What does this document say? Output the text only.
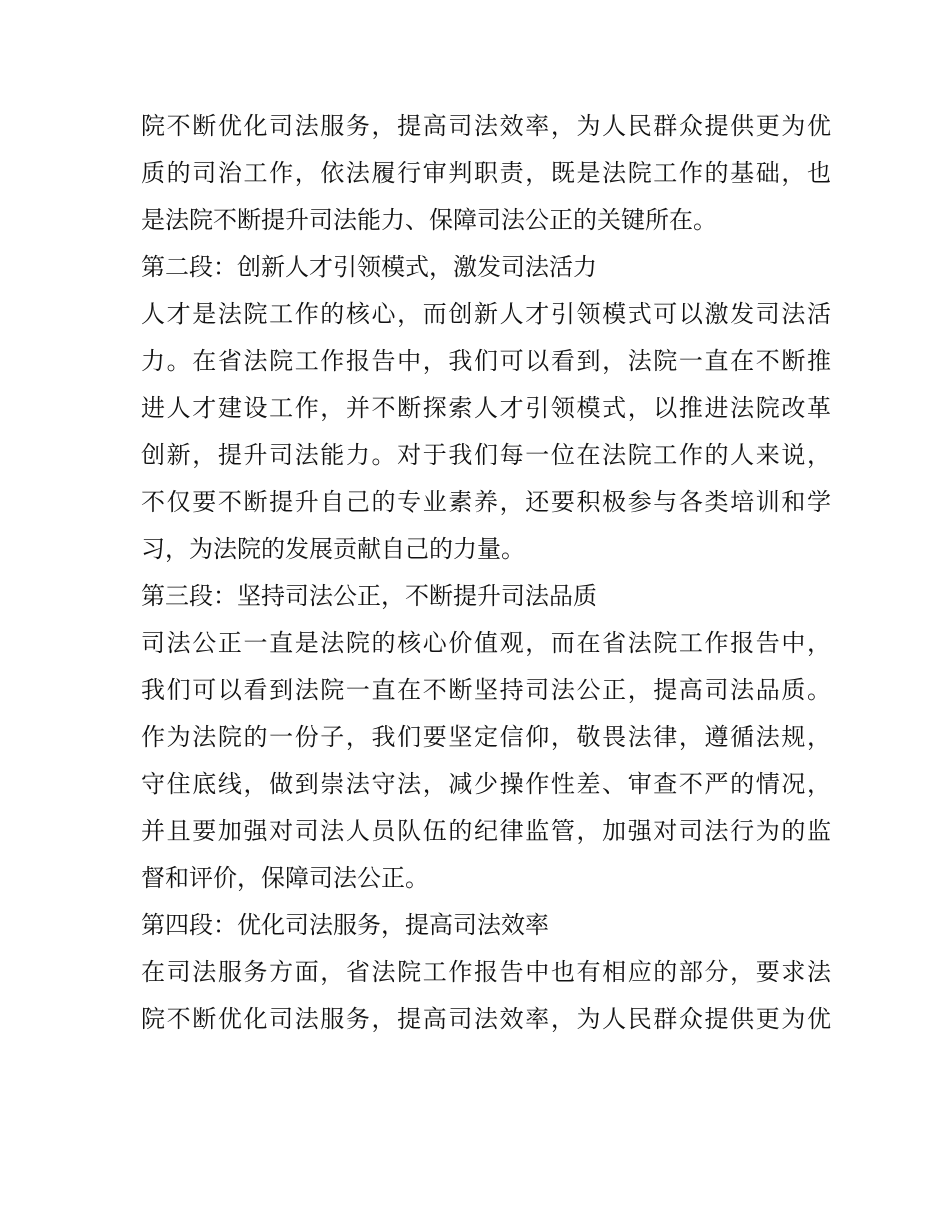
院不断优化司法服务，提高司法效率，为人民群众提供更为优
质的司治工作，依法履行审判职责，既是法院工作的基础，也
是法院不断提升司法能力、保障司法公正的关键所在。
第二段：创新人才引领模式，激发司法活力
人才是法院工作的核心，而创新人才引领模式可以激发司法活
力。在省法院工作报告中，我们可以看到，法院一直在不断推
进人才建设工作，并不断探索人才引领模式，以推进法院改革
创新，提升司法能力。对于我们每一位在法院工作的人来说，
不仅要不断提升自己的专业素养，还要积极参与各类培训和学
习，为法院的发展贡献自己的力量。
第三段：坚持司法公正，不断提升司法品质
司法公正一直是法院的核心价值观，而在省法院工作报告中，
我们可以看到法院一直在不断坚持司法公正，提高司法品质。
作为法院的一份子，我们要坚定信仰，敬畏法律，遵循法规，
守住底线，做到崇法守法，减少操作性差、审查不严的情况，
并且要加强对司法人员队伍的纪律监管，加强对司法行为的监
督和评价，保障司法公正。
第四段：优化司法服务，提高司法效率
在司法服务方面，省法院工作报告中也有相应的部分，要求法
院不断优化司法服务，提高司法效率，为人民群众提供更为优
